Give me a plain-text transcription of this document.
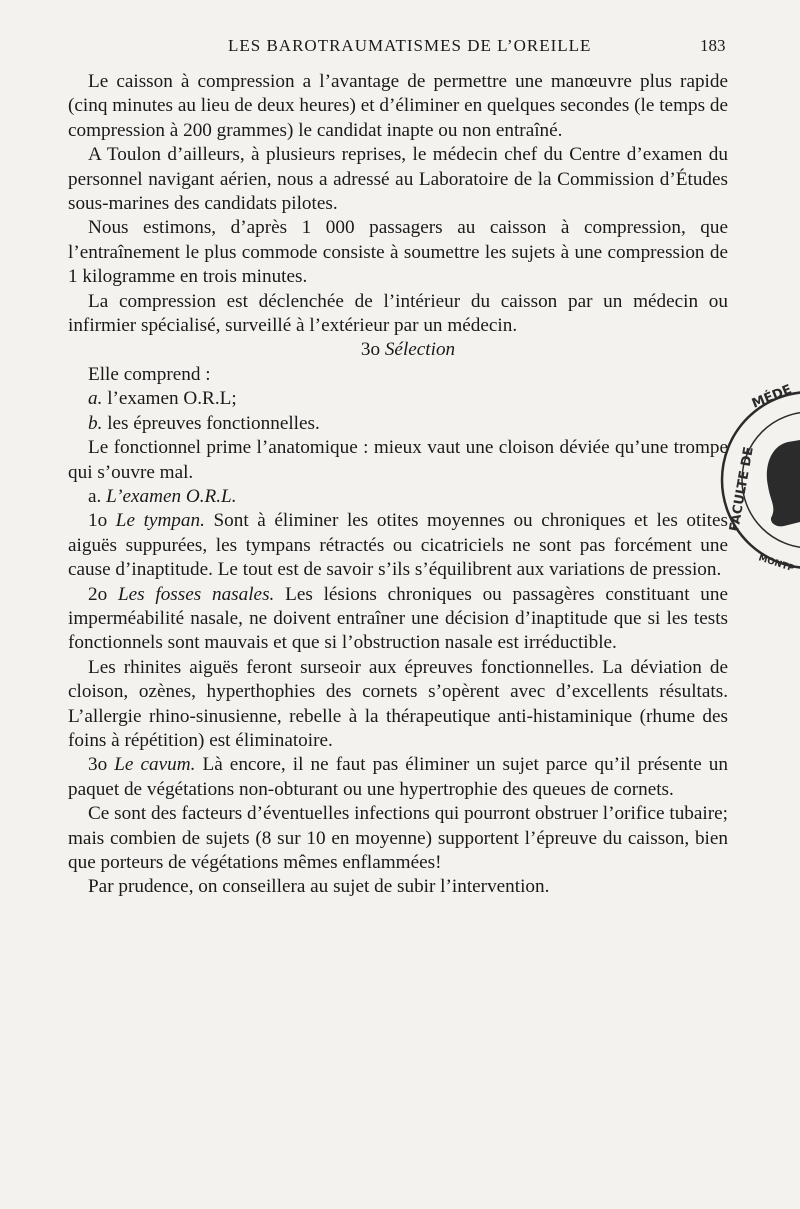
LES BAROTRAUMATISMES DE L’OREILLE	183

Le caisson à compression a l’avantage de permettre une manœuvre plus rapide (cinq minutes au lieu de deux heures) et d’éliminer en quelques secondes (le temps de compression à 200 grammes) le candidat inapte ou non entraîné.

A Toulon d’ailleurs, à plusieurs reprises, le médecin chef du Centre d’examen du personnel navigant aérien, nous a adressé au Laboratoire de la Commission d’Études sous-marines des candidats pilotes.

Nous estimons, d’après 1 000 passagers au caisson à compression, que l’entraînement le plus commode consiste à soumettre les sujets à une compression de 1 kilogramme en trois minutes.

La compression est déclenchée de l’intérieur du caisson par un médecin ou infirmier spécialisé, surveillé à l’extérieur par un médecin.

3o Sélection

Elle comprend :

a. l’examen O.R.L;

b. les épreuves fonctionnelles.

Le fonctionnel prime l’anatomique : mieux vaut une cloison déviée qu’une trompe qui s’ouvre mal.

a. L’examen O.R.L.

1o Le tympan. Sont à éliminer les otites moyennes ou chroniques et les otites aiguës suppurées, les tympans rétractés ou cicatriciels ne sont pas forcément une cause d’inaptitude. Le tout est de savoir s’ils s’équilibrent aux variations de pression.

2o Les fosses nasales. Les lésions chroniques ou passagères constituant une imperméabilité nasale, ne doivent entraîner une décision d’inaptitude que si les tests fonctionnels sont mauvais et que si l’obstruction nasale est irréductible.

Les rhinites aiguës feront surseoir aux épreuves fonctionnelles. La déviation de cloison, ozènes, hyperthophies des cornets s’opèrent avec d’excellents résultats. L’allergie rhino-sinusienne, rebelle à la thérapeutique anti-histaminique (rhume des foins à répétition) est éliminatoire.

3o Le cavum. Là encore, il ne faut pas éliminer un sujet parce qu’il présente un paquet de végétations non-obturant ou une hypertrophie des queues de cornets.

Ce sont des facteurs d’éventuelles infections qui pourront obstruer l’orifice tubaire; mais combien de sujets (8 sur 10 en moyenne) supportent l’épreuve du caisson, bien que porteurs de végétations mêmes enflammées!

Par prudence, on conseillera au sujet de subir l’intervention.

FACULTE DE
MÉDE
MONTP
